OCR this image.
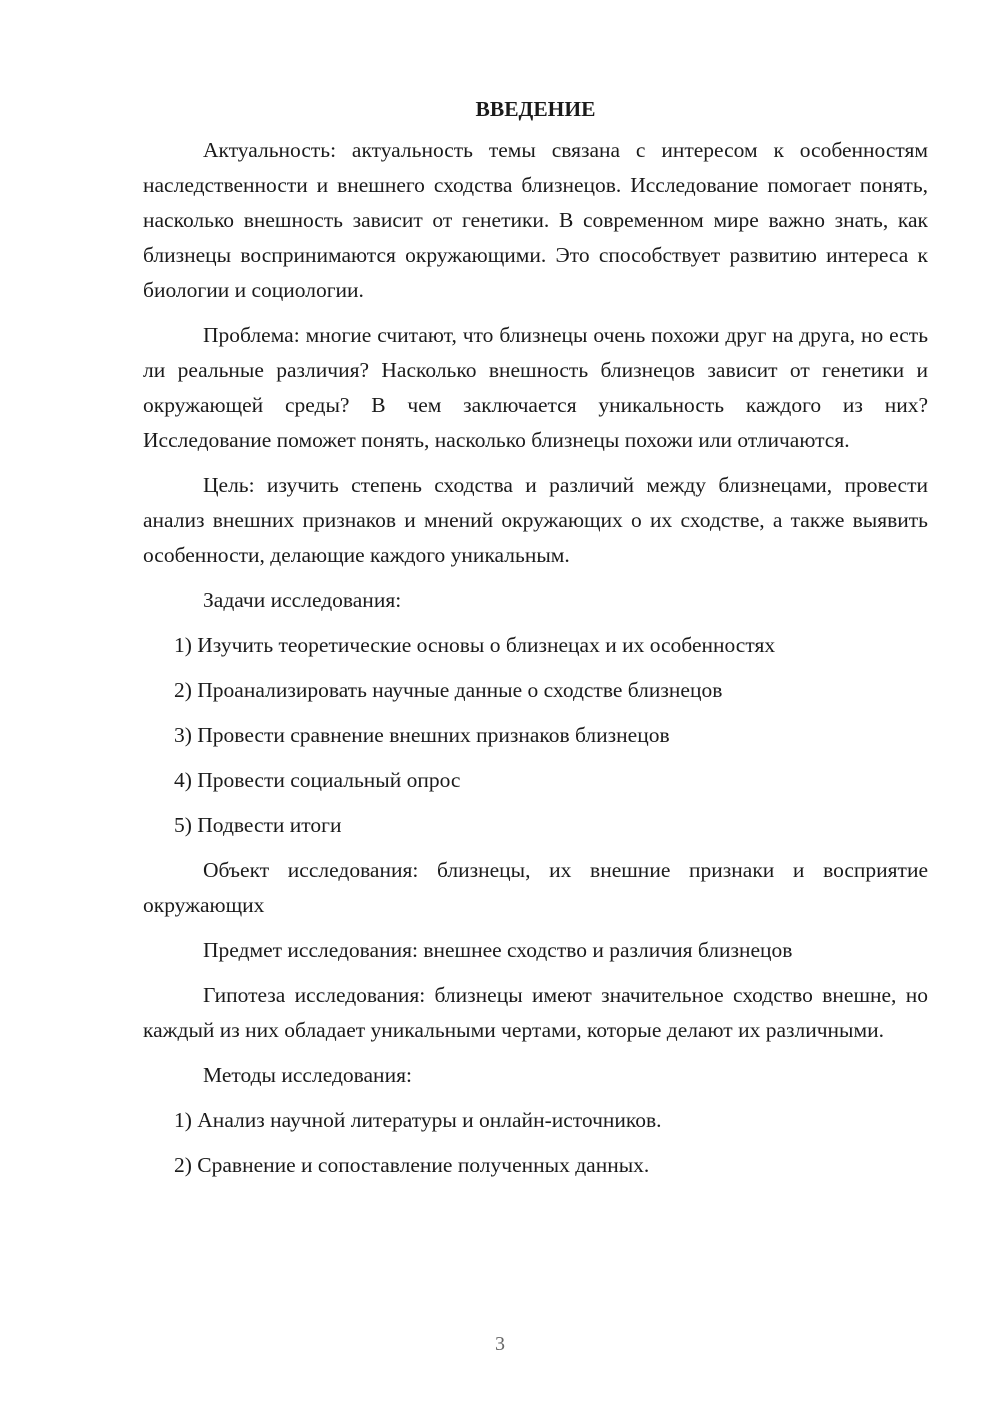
ВВЕДЕНИЕ

Актуальность: актуальность темы связана с интересом к особенностям наследственности и внешнего сходства близнецов. Исследование помогает понять, насколько внешность зависит от генетики. В современном мире важно знать, как близнецы воспринимаются окружающими. Это способствует развитию интереса к биологии и социологии.

Проблема: многие считают, что близнецы очень похожи друг на друга, но есть ли реальные различия? Насколько внешность близнецов зависит от генетики и окружающей среды? В чем заключается уникальность каждого из них? Исследование поможет понять, насколько близнецы похожи или отличаются.

Цель: изучить степень сходства и различий между близнецами, провести анализ внешних признаков и мнений окружающих о их сходстве, а также выявить особенности, делающие каждого уникальным.

Задачи исследования:

1) Изучить теоретические основы о близнецах и их особенностях

2) Проанализировать научные данные о сходстве близнецов

3) Провести сравнение внешних признаков близнецов

4) Провести социальный опрос

5) Подвести итоги

Объект исследования: близнецы, их внешние признаки и восприятие окружающих

Предмет исследования: внешнее сходство и различия близнецов

Гипотеза исследования: близнецы имеют значительное сходство внешне, но каждый из них обладает уникальными чертами, которые делают их различными.

Методы исследования:

1) Анализ научной литературы и онлайн-источников.

2) Сравнение и сопоставление полученных данных.

3
